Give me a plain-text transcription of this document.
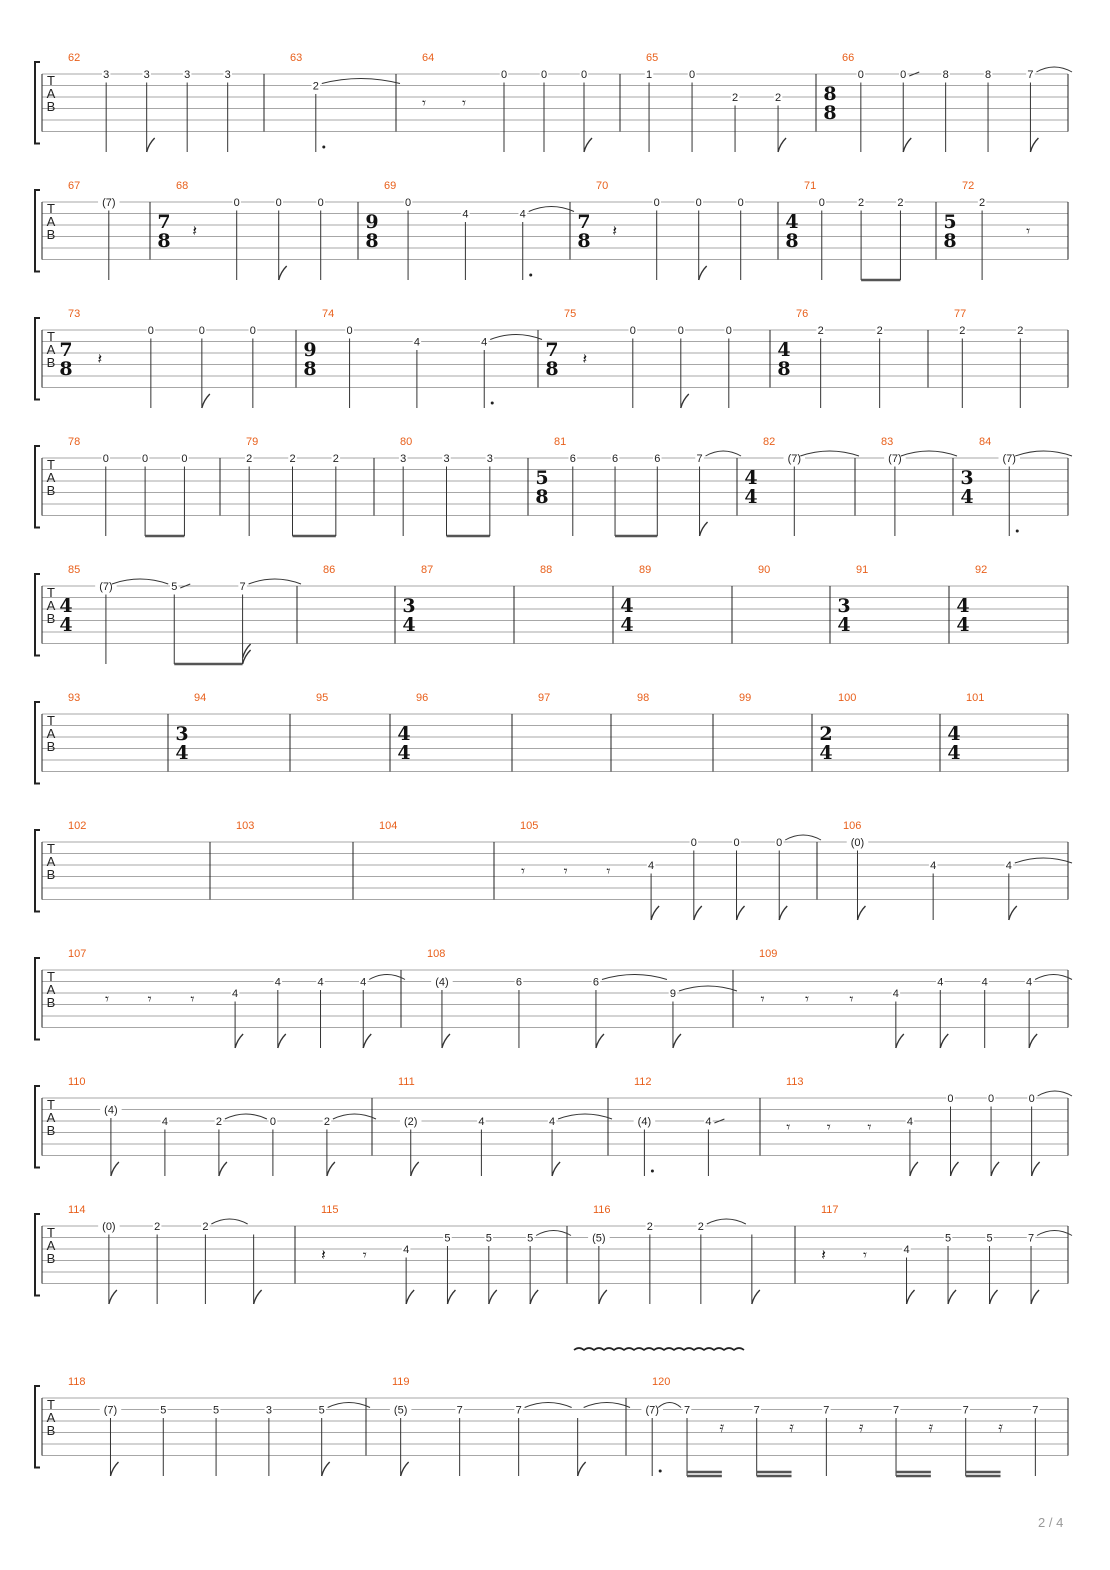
T
A
B
62
3	3	3	3
63
2
64
𝄾 𝄾
0	0	0
65
1	0
2	2
66
8
8
0	0	8	8	7
T
A
B
67
(7)
68
7
8 𝄽
0	0	0
69
9
8
0
4	4
70
7
8 𝄽
0	0	0
71
4
8
0	2	2
72
5
8
2
𝄾
T
A
B
73
7
8 𝄽
0	0	0
74
9
8
0
4	4
75
7
8 𝄽
0	0	0
76
4
8
2	2
77
2	2
T
A
B
78
0	0	0
79
2	2	2
80
3	3	3
81
5
8
6	6	6	7
82
4
4
(7)
83
(7)
84
3
4
(7)
T
A
B
85
4
4
(7)	5	7
86	87
3
4
88	89
4
4
90	91
3
4
92
4
4
T
A
B
93	94
3
4
95	96
4
4
97	98	99	100
2
4
101
4
4
T
A
B
102	103	104	105
𝄾	𝄾	𝄾	4
0	0	0
106
(0)
4	4
T
A
B
107
𝄾	𝄾	𝄾	4
4	4	4
108
(4)	6	6
9
109
𝄾	𝄾	𝄾	4
4	4	4
T
A
B
110
(4)
4	2	0	2
111
(2)	4	4
112
(4)	4
113
𝄾 𝄾 𝄾	4
0	0	0
T
A
B
114
(0)	2	2
115
𝄽 𝄾	4
5	5	5
116
(5)
2	2
117
𝄽 𝄾	4
5	5	7
T
A
B
118
(7)	5	5	3	5
119
(5)	7	7
120
(7) 7
𝄿
7
𝄿
7
𝄿
7
𝄿
7
𝄿
7
2 / 4
